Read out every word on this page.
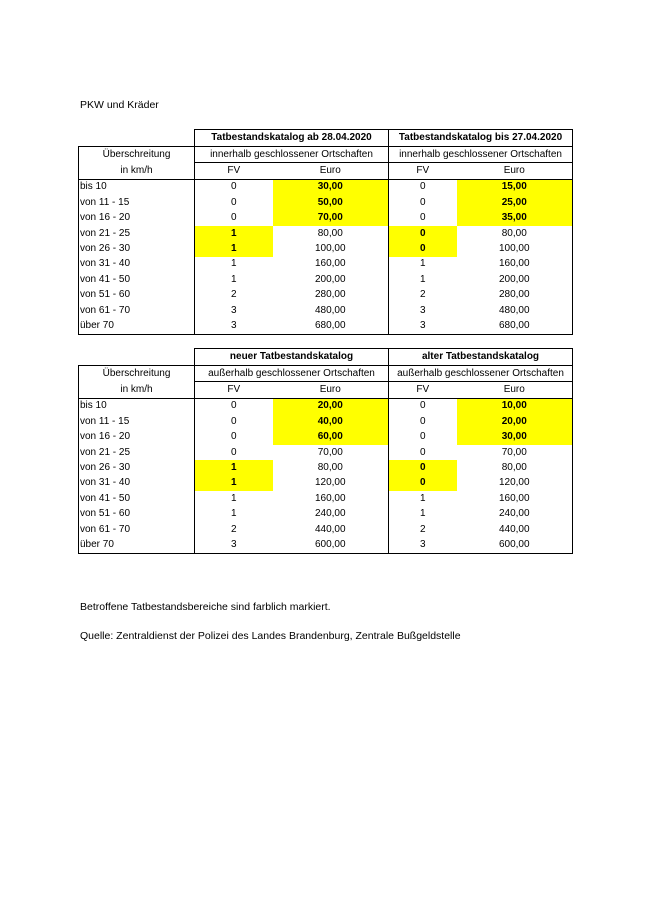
PKW und Kräder
	Tatbestandskatalog ab 28.04.2020		Tatbestandskatalog bis 27.04.2020	
Überschreitung	innerhalb geschlossener Ortschaften		innerhalb geschlossener Ortschaften	
in km/h	FV	Euro	FV	Euro
bis 10	0	30,00	0	15,00
von 11 - 15	0	50,00	0	25,00
von 16 - 20	0	70,00	0	35,00
von 21 - 25	1	80,00	0	80,00
von 26 - 30	1	100,00	0	100,00
von 31 - 40	1	160,00	1	160,00
von 41 - 50	1	200,00	1	200,00
von 51 - 60	2	280,00	2	280,00
von 61 - 70	3	480,00	3	480,00
über 70	3	680,00	3	680,00
	neuer Tatbestandskatalog		alter Tatbestandskatalog	
Überschreitung	außerhalb geschlossener Ortschaften		außerhalb geschlossener Ortschaften	
in km/h	FV	Euro	FV	Euro
bis 10	0	20,00	0	10,00
von 11 - 15	0	40,00	0	20,00
von 16 - 20	0	60,00	0	30,00
von 21 - 25	0	70,00	0	70,00
von 26 - 30	1	80,00	0	80,00
von 31 - 40	1	120,00	0	120,00
von 41 - 50	1	160,00	1	160,00
von 51 - 60	1	240,00	1	240,00
von 61 - 70	2	440,00	2	440,00
über 70	3	600,00	3	600,00
Betroffene Tatbestandsbereiche sind farblich markiert.
Quelle: Zentraldienst der Polizei des Landes Brandenburg, Zentrale Bußgeldstelle
